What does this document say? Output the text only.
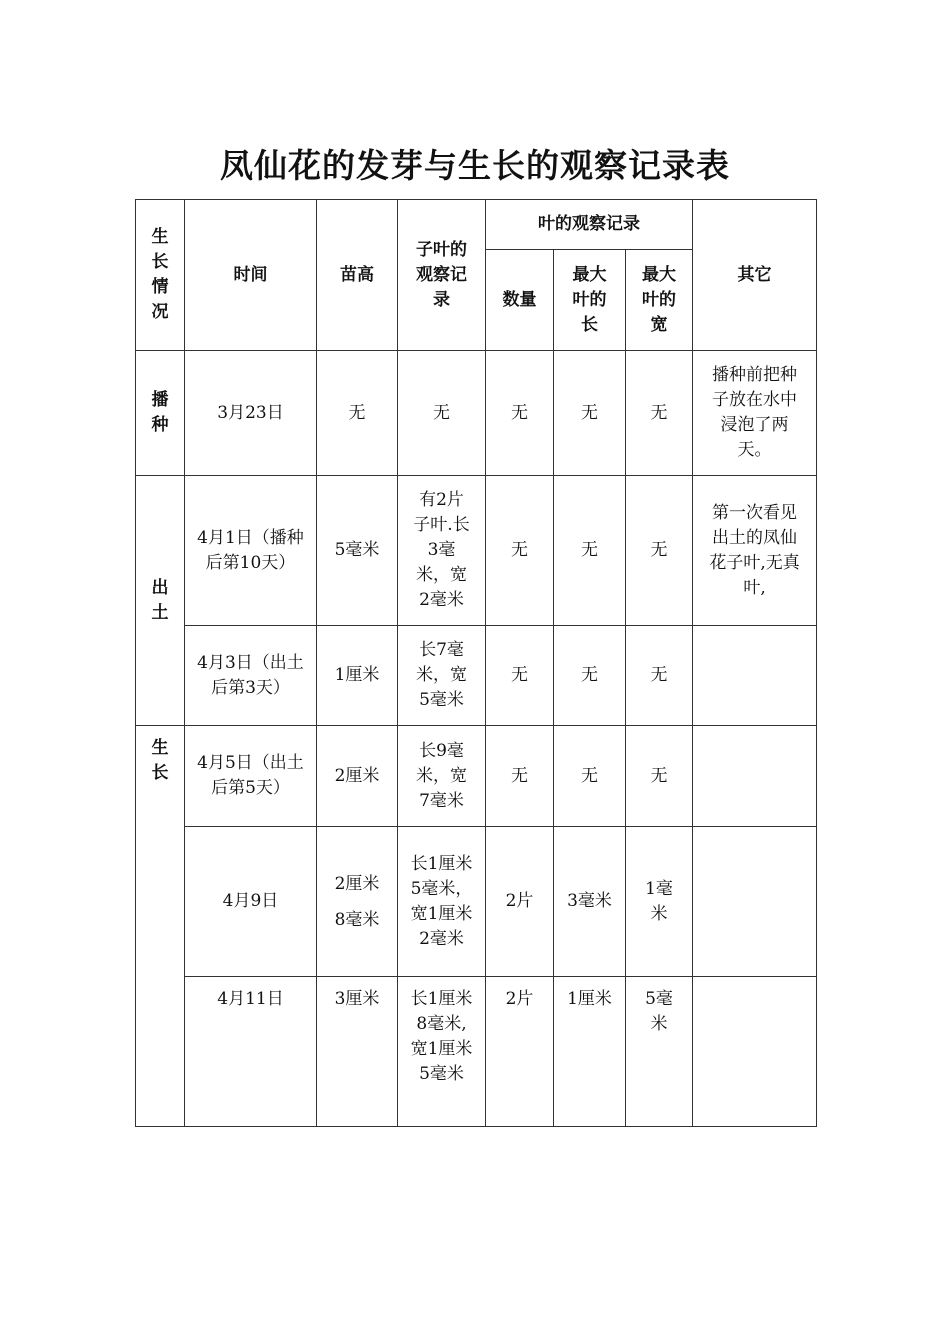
凤仙花的发芽与生长的观察记录表
生长情况	时间	苗高	子叶的观察记录	叶的观察记录			其它
				数量	最大叶的长	最大叶的宽	
播种	3月23日	无	无	无	无	无	播种前把种子放在水中浸泡了两天。
出土	4月1日（播种后第10天）	5毫米	有2片子叶.长3毫米，宽2毫米	无	无	无	第一次看见出土的凤仙花子叶,无真叶,
	4月3日（出土后第3天）	1厘米	长7毫米，宽5毫米	无	无	无	
生长	4月5日（出土后第5天）	2厘米	长9毫米，宽7毫米	无	无	无	
	4月9日	2厘米8毫米	长1厘米5毫米，宽1厘米2毫米	2片	3毫米	1毫米	
	4月11日	3厘米	长1厘米8毫米,宽1厘米5毫米	2片	1厘米	5毫米	
